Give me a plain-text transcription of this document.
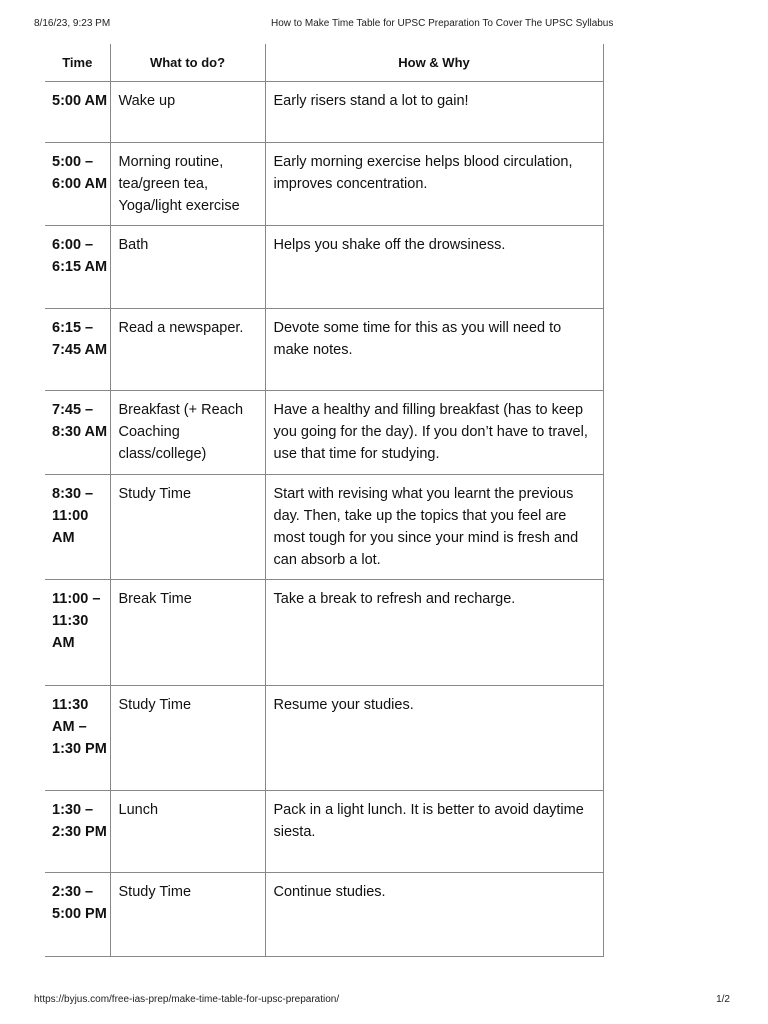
8/16/23, 9:23 PM	How to Make Time Table for UPSC Preparation To Cover The UPSC Syllabus
Time	What to do?	How & Why
5:00 AM	Wake up	Early risers stand a lot to gain!
5:00 – 6:00 AM	Morning routine, tea/green tea, Yoga/light exercise	Early morning exercise helps blood circulation, improves concentration.
6:00 – 6:15 AM	Bath	Helps you shake off the drowsiness.
6:15 – 7:45 AM	Read a newspaper.	Devote some time for this as you will need to make notes.
7:45 – 8:30 AM	Breakfast (+ Reach Coaching class/college)	Have a healthy and filling breakfast (has to keep you going for the day). If you don’t have to travel, use that time for studying.
8:30 – 11:00 AM	Study Time	Start with revising what you learnt the previous day. Then, take up the topics that you feel are most tough for you since your mind is fresh and can absorb a lot.
11:00 – 11:30 AM	Break Time	Take a break to refresh and recharge.
11:30 AM – 1:30 PM	Study Time	Resume your studies.
1:30 – 2:30 PM	Lunch	Pack in a light lunch. It is better to avoid daytime siesta.
2:30 – 5:00 PM	Study Time	Continue studies.
https://byjus.com/free-ias-prep/make-time-table-for-upsc-preparation/	1/2
